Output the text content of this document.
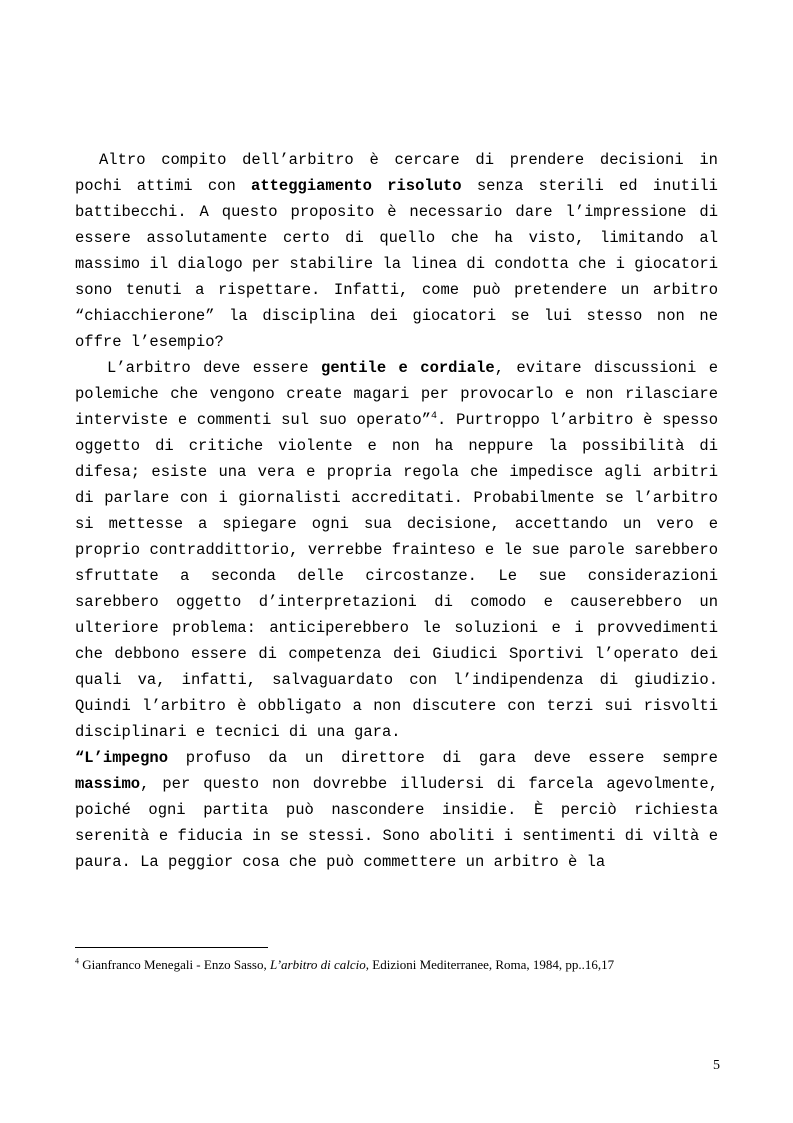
Altro compito dell’arbitro è cercare di prendere decisioni in pochi attimi con atteggiamento risoluto senza sterili ed inutili battibecchi. A questo proposito è necessario dare l’impressione di essere assolutamente certo di quello che ha visto, limitando al massimo il dialogo per stabilire la linea di condotta che i giocatori sono tenuti a rispettare. Infatti, come può pretendere un arbitro “chiacchierone” la disciplina dei giocatori se lui stesso non ne offre l’esempio?

L’arbitro deve essere gentile e cordiale, evitare discussioni e polemiche che vengono create magari per provocarlo e non rilasciare interviste e commenti sul suo operato”$^4$. Purtroppo l’arbitro è spesso oggetto di critiche violente e non ha neppure la possibilità di difesa; esiste una vera e propria regola che impedisce agli arbitri di parlare con i giornalisti accreditati. Probabilmente se l’arbitro si mettesse a spiegare ogni sua decisione, accettando un vero e proprio contraddittorio, verrebbe frainteso e le sue parole sarebbero sfruttate a seconda delle circostanze. Le sue considerazioni sarebbero oggetto d’interpretazioni di comodo e causerebbero un ulteriore problema: anticiperebbero le soluzioni e i provvedimenti che debbono essere di competenza dei Giudici Sportivi l’operato dei quali va, infatti, salvaguardato con l’indipendenza di giudizio. Quindi l’arbitro è obbligato a non discutere con terzi sui risvolti disciplinari e tecnici di una gara.

“L’impegno profuso da un direttore di gara deve essere sempre massimo, per questo non dovrebbe illudersi di farcela agevolmente, poiché ogni partita può nascondere insidie. È perciò richiesta serenità e fiducia in se stessi. Sono aboliti i sentimenti di viltà e paura. La peggior cosa che può commettere un arbitro è la

$^4$ Gianfranco Menegali - Enzo Sasso, L’arbitro di calcio, Edizioni Mediterranee, Roma, 1984, pp..16,17
5
